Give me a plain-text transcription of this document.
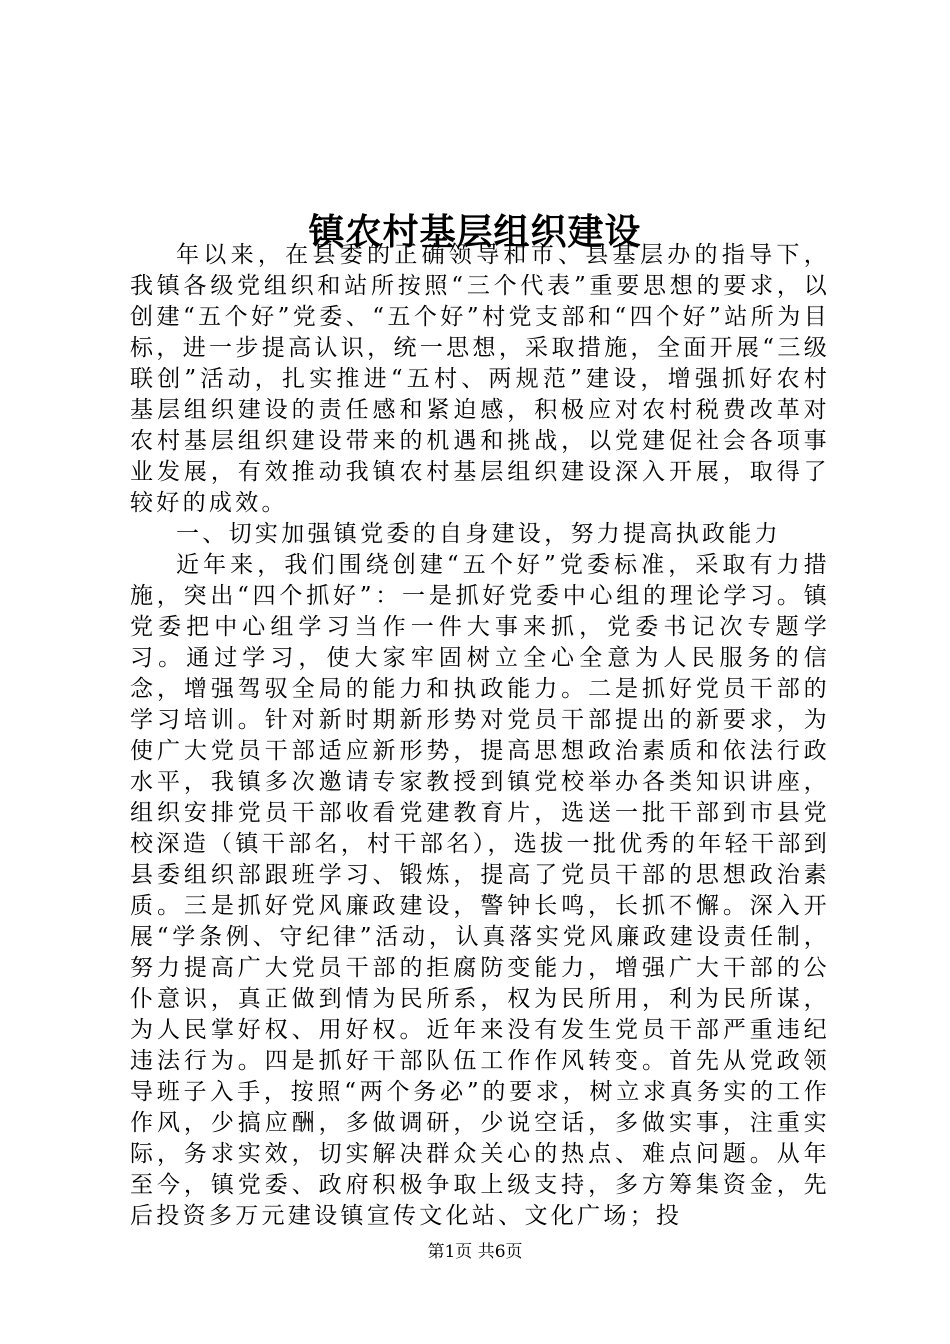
镇农村基层组织建设

年以来，在县委的正确领导和市、县基层办的指导下，我镇各级党组织和站所按照“三个代表”重要思想的要求，以创建“五个好”党委、“五个好”村党支部和“四个好”站所为目标，进一步提高认识，统一思想，采取措施，全面开展“三级联创”活动，扎实推进“五村、两规范”建设，增强抓好农村基层组织建设的责任感和紧迫感，积极应对农村税费改革对农村基层组织建设带来的机遇和挑战，以党建促社会各项事业发展，有效推动我镇农村基层组织建设深入开展，取得了较好的成效。

一、切实加强镇党委的自身建设，努力提高执政能力

近年来，我们围绕创建“五个好”党委标准，采取有力措施，突出“四个抓好”：一是抓好党委中心组的理论学习。镇党委把中心组学习当作一件大事来抓，党委书记次专题学习。通过学习，使大家牢固树立全心全意为人民服务的信念，增强驾驭全局的能力和执政能力。二是抓好党员干部的学习培训。针对新时期新形势对党员干部提出的新要求，为使广大党员干部适应新形势，提高思想政治素质和依法行政水平，我镇多次邀请专家教授到镇党校举办各类知识讲座，组织安排党员干部收看党建教育片，选送一批干部到市县党校深造（镇干部名，村干部名），选拔一批优秀的年轻干部到县委组织部跟班学习、锻炼，提高了党员干部的思想政治素质。三是抓好党风廉政建设，警钟长鸣，长抓不懈。深入开展“学条例、守纪律”活动，认真落实党风廉政建设责任制，努力提高广大党员干部的拒腐防变能力，增强广大干部的公仆意识，真正做到情为民所系，权为民所用，利为民所谋，为人民掌好权、用好权。近年来没有发生党员干部严重违纪违法行为。四是抓好干部队伍工作作风转变。首先从党政领导班子入手，按照“两个务必”的要求，树立求真务实的工作作风，少搞应酬，多做调研，少说空话，多做实事，注重实际，务求实效，切实解决群众关心的热点、难点问题。从年至今，镇党委、政府积极争取上级支持，多方筹集资金，先后投资多万元建设镇宣传文化站、文化广场；投

第1页 共6页
